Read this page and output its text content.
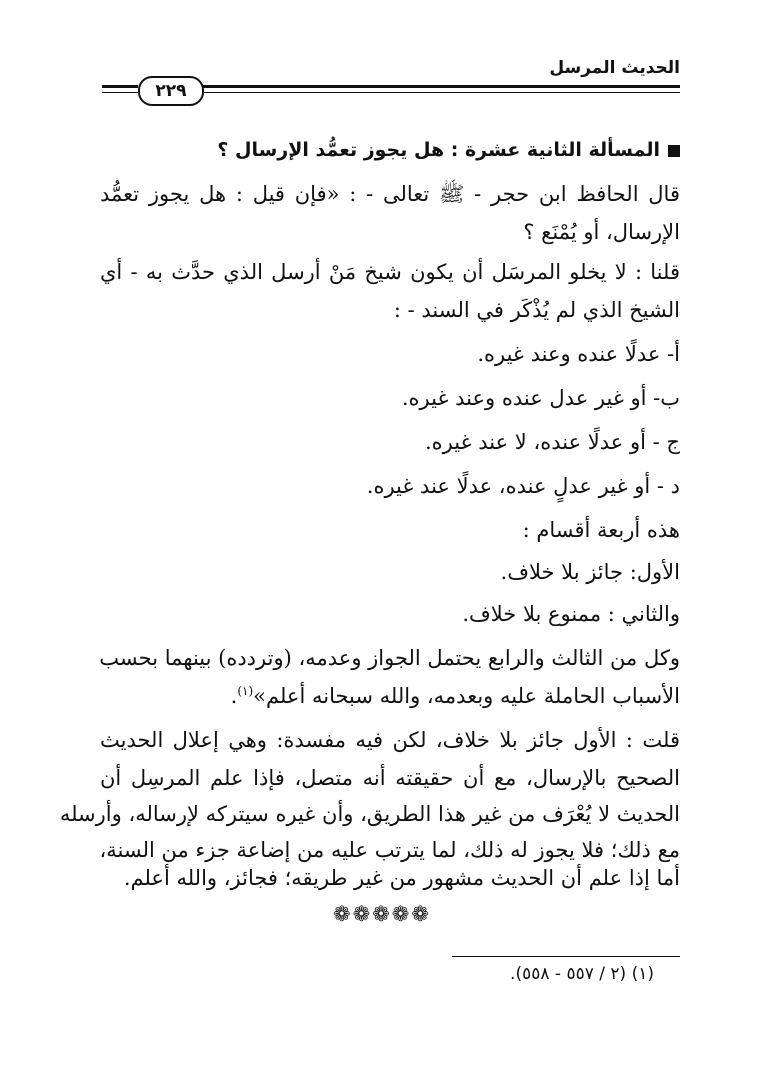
الحديث المرسل
٢٢٩
المسألة الثانية عشرة : هل يجوز تعمُّد الإرسال ؟
قال الحافظ ابن حجر - ﷺ تعالى - : «فإن قيل : هل يجوز تعمُّد
الإرسال، أو يُمْنَع ؟
قلنا : لا يخلو المرسَل أن يكون شيخ مَنْ أرسل الذي حدَّث به - أي
الشيخ الذي لم يُذْكَر في السند - :
أ- عدلًا عنده وعند غيره.
ب- أو غير عدل عنده وعند غيره.
ج - أو عدلًا عنده، لا عند غيره.
د - أو غير عدلٍ عنده، عدلًا عند غيره.
هذه أربعة أقسام :
الأول: جائز بلا خلاف.
والثاني : ممنوع بلا خلاف.
وكل من الثالث والرابع يحتمل الجواز وعدمه، (وتردده) بينهما بحسب
الأسباب الحاملة عليه وبعدمه، والله سبحانه أعلم»$^{(١)}$.
قلت : الأول جائز بلا خلاف، لكن فيه مفسدة: وهي إعلال الحديث
الصحيح بالإرسال، مع أن حقيقته أنه متصل، فإذا علم المرسِل أن
الحديث لا يُعْرَف من غير هذا الطريق، وأن غيره سيتركه لإرساله، وأرسله
مع ذلك؛ فلا يجوز له ذلك، لما يترتب عليه من إضاعة جزء من السنة،
أما إذا علم أن الحديث مشهور من غير طريقه؛ فجائز، والله أعلم.
❁❁❁❁❁
(١) (٢ / ٥٥٧ - ٥٥٨).
